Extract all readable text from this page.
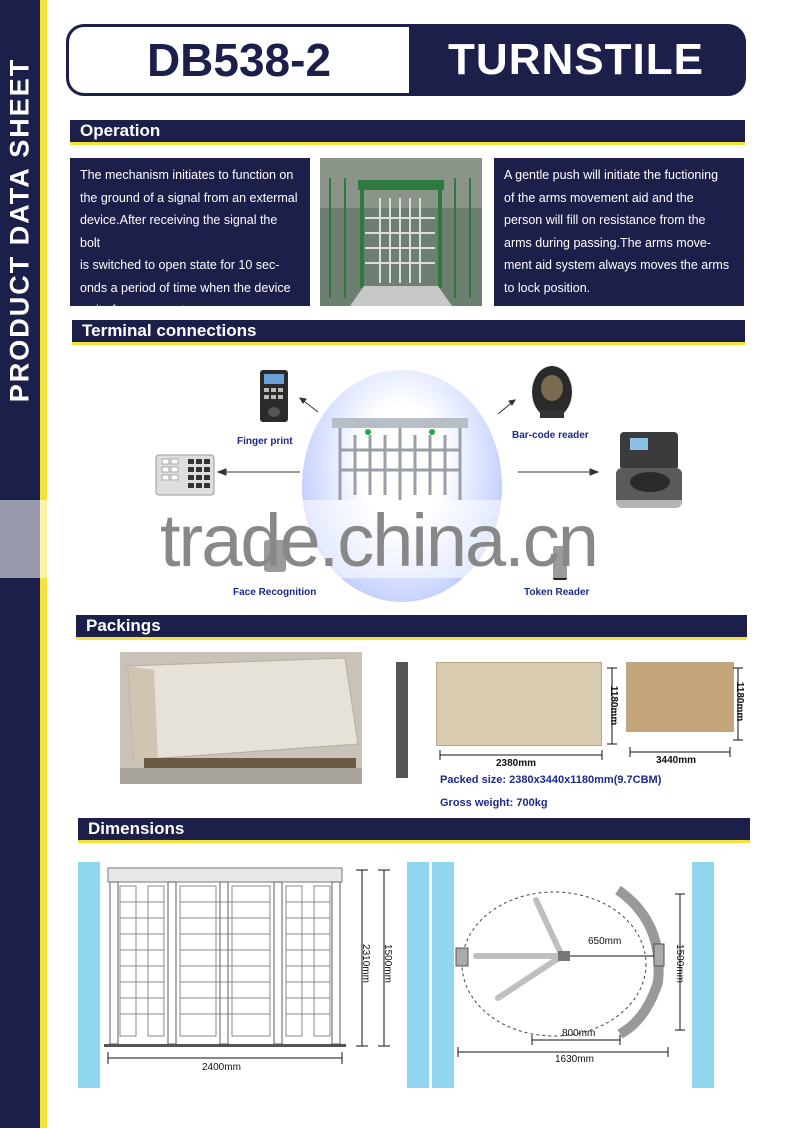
PRODUCT DATA SHEET	DB538-2	TURNSTILE
Operation
The mechanism initiates to function on
the ground of a signal from an extermal
device.After receiving the signal the bolt
is switched to open state for 10 sec-
onds a period of time when the device
waits for a person to pass.
A gentle push will initiate the fuctioning
of the arms movement aid and the
person will fill on resistance from the
arms during passing.The arms move-
ment aid system always moves the arms
to lock position.
Terminal connections
Finger print
Bar-code reader
Face Recognition	Token Reader
trade.china.cn
Packings
2380mm	3440mm
1180mm	1180mm
Packed size: 2380x3440x1180mm(9.7CBM)
Gross weight: 700kg
Dimensions
2400mm
2310mm 1500mm
650mm
1500mm
800mm
1630mm
